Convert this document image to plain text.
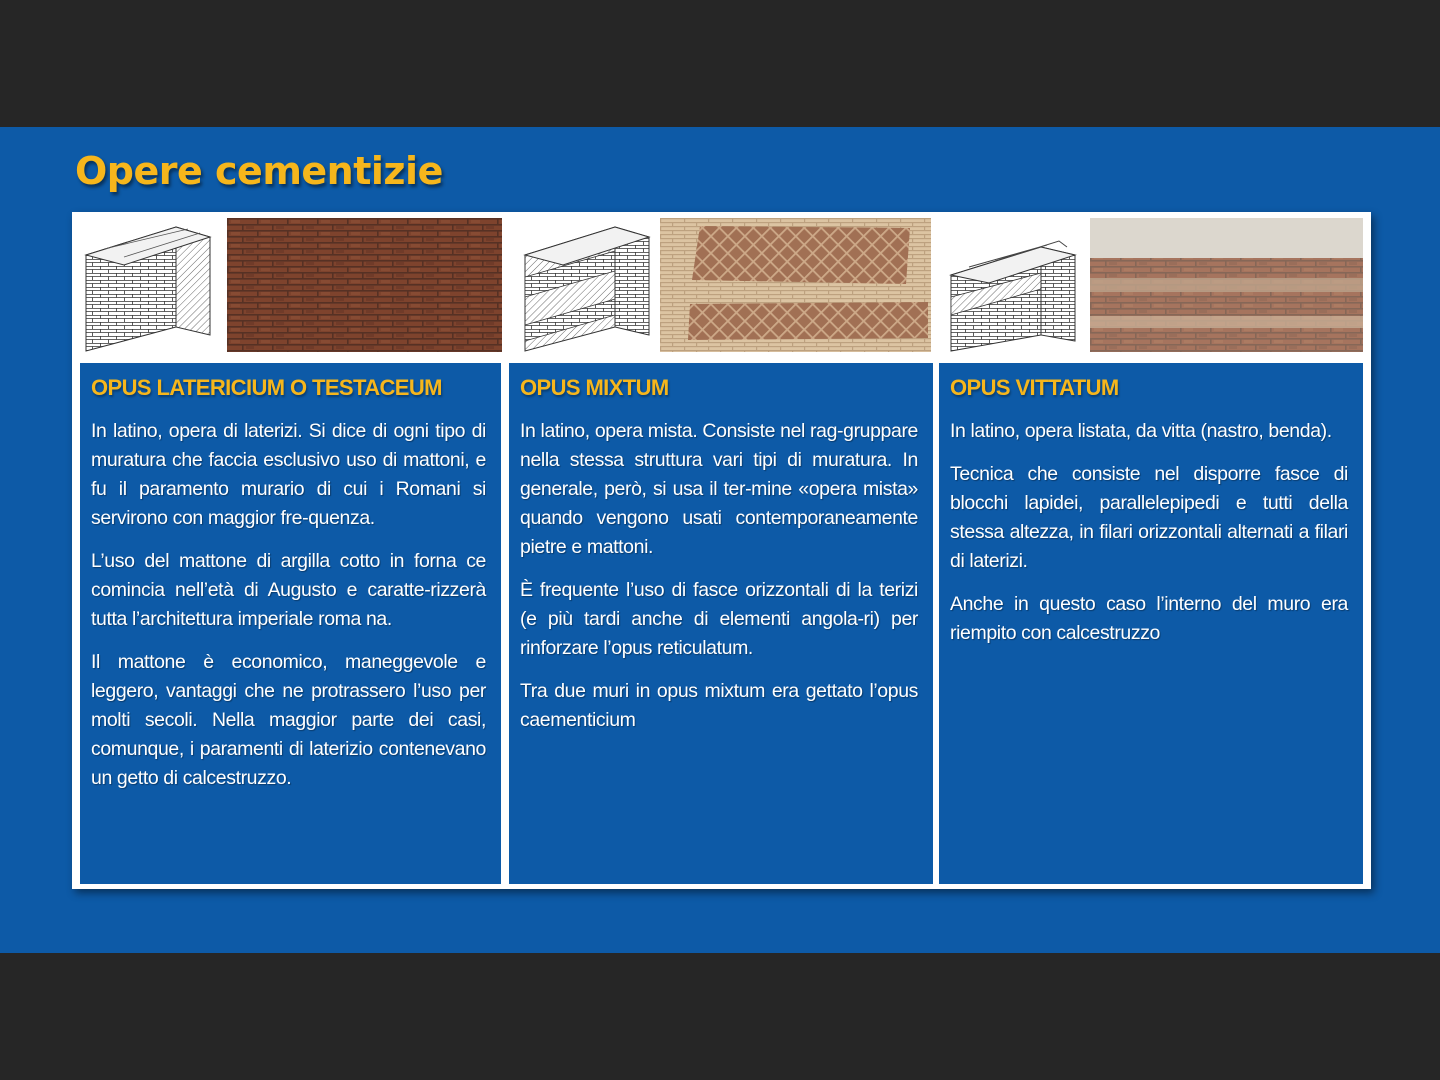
Opere cementizie
OPUS LATERICIUM O TESTACEUM

In latino, opera di laterizi. Si dice di ogni tipo di muratura che faccia esclusivo uso di mattoni, e fu il paramento murario di cui i Romani si servirono con maggior fre-quenza.

L’uso del mattone di argilla cotto in forna ce comincia nell’età di Augusto e caratte-rizzerà tutta l’architettura imperiale roma na.

Il mattone è economico, maneggevole e leggero, vantaggi che ne protrassero l’uso per molti secoli. Nella maggior parte dei casi, comunque, i paramenti di laterizio contenevano un getto di calcestruzzo.

OPUS MIXTUM

In latino, opera mista. Consiste nel rag-gruppare nella stessa struttura vari tipi di muratura. In generale, però, si usa il ter-mine «opera mista» quando vengono usati contemporaneamente pietre e mattoni.

È frequente l’uso di fasce orizzontali di la terizi (e più tardi anche di elementi angola-ri) per rinforzare l’opus reticulatum.

Tra due muri in opus mixtum era gettato l’opus caementicium

OPUS VITTATUM

In latino, opera listata, da vitta (nastro, benda).

Tecnica che consiste nel disporre fasce di blocchi lapidei, parallelepipedi e tutti della stessa altezza, in filari orizzontali alternati a filari di laterizi.

Anche in questo caso l’interno del muro era riempito con calcestruzzo
